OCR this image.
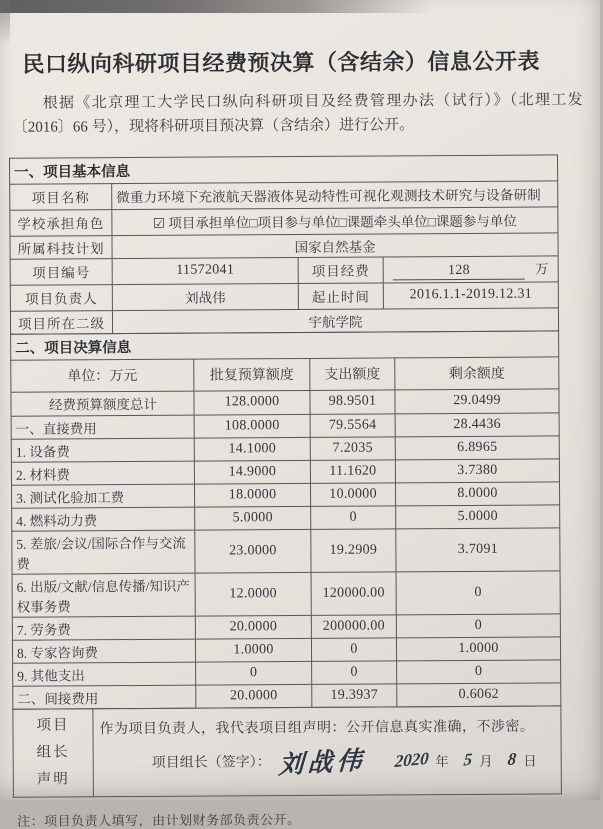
民口纵向科研项目经费预决算（含结余）信息公开表

根据《北京理工大学民口纵向科研项目及经费管理办法（试行）》（北理工发〔2016〕66 号），现将科研项目预决算（含结余）进行公开。

一、项目基本信息			
项目名称	微重力环境下充液航天器液体晃动特性可视化观测技术研究与设备研制		
学校承担角色	☑ 项目承担单位□项目参与单位□课题牵头单位□课题参与单位		
所属科技计划	国家自然基金		
项目编号	11572041	项目经费	128 万
项目负责人	刘战伟	起止时间	2016.1.1-2019.12.31
项目所在二级	宇航学院		
二、项目决算信息			
单位：万元	批复预算额度	支出额度	剩余额度
经费预算额度总计	128.0000	98.9501	29.0499
一、直接费用	108.0000	79.5564	28.4436
1. 设备费	14.1000	7.2035	6.8965
2. 材料费	14.9000	11.1620	3.7380
3. 测试化验加工费	18.0000	10.0000	8.0000
4. 燃料动力费	5.0000	0	5.0000
5. 差旅/会议/国际合作与交流费	23.0000	19.2909	3.7091
6. 出版/文献/信息传播/知识产权事务费	12.0000	120000.00	0
7. 劳务费	20.0000	200000.00	0
8. 专家咨询费	1.0000	0	1.0000
9. 其他支出	0	0	0
二、间接费用	20.0000	19.3937	0.6062
项目
组长
声明

作为项目负责人，我代表项目组声明：公开信息真实准确，不涉密。
项目组长（签字）： 刘战伟 2020 年 5 月 8 日

注：项目负责人填写，由计划财务部负责公开。
